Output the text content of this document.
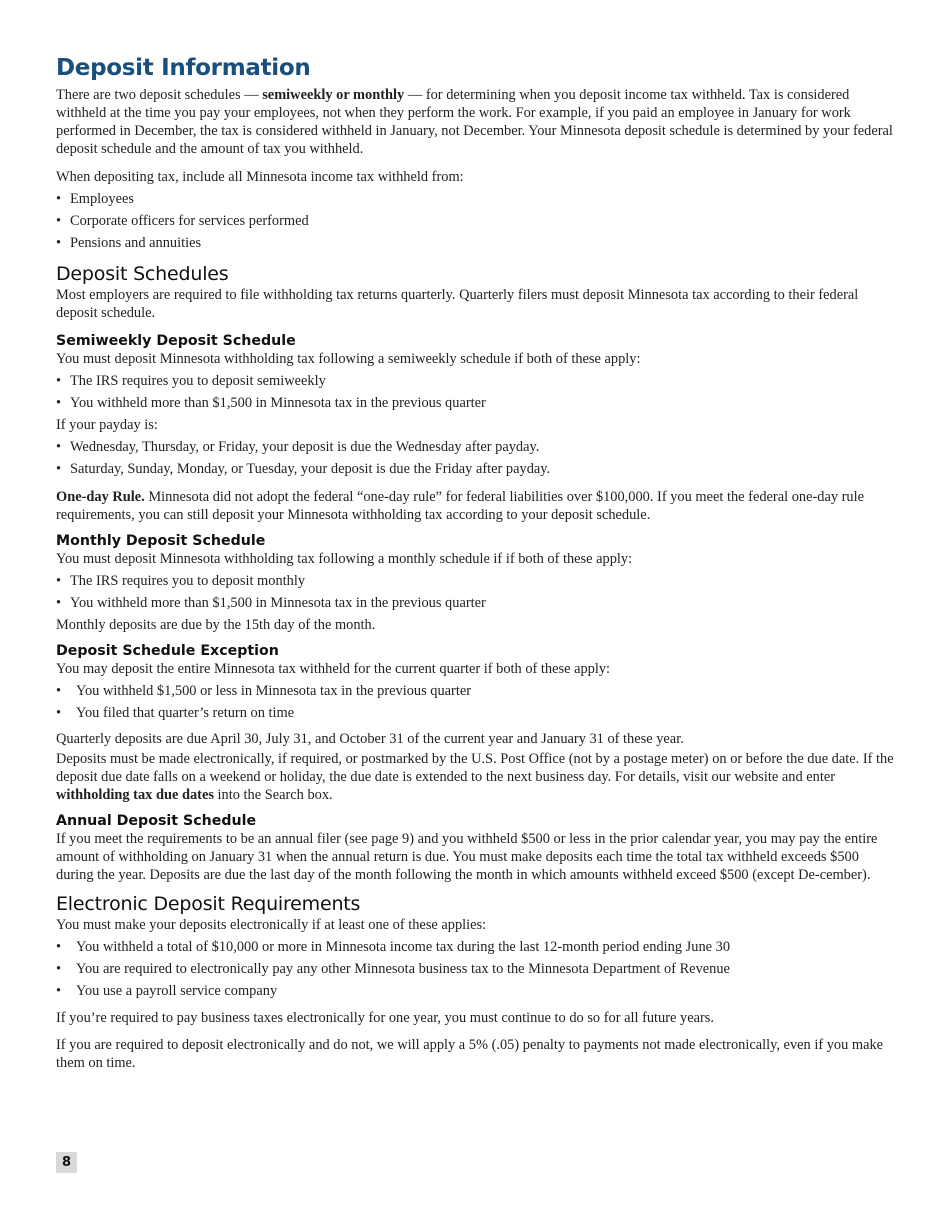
Deposit Information

There are two deposit schedules — semiweekly or monthly — for determining when you deposit income tax withheld. Tax is considered withheld at the time you pay your employees, not when they perform the work. For example, if you paid an employee in January for work performed in December, the tax is considered withheld in January, not December. Your Minnesota deposit schedule is determined by your federal deposit schedule and the amount of tax you withheld.

When depositing tax, include all Minnesota income tax withheld from:

• Employees
• Corporate officers for services performed
• Pensions and annuities
Deposit Schedules

Most employers are required to file withholding tax returns quarterly. Quarterly filers must deposit Minnesota tax according to their federal deposit schedule.

Semiweekly Deposit Schedule

You must deposit Minnesota withholding tax following a semiweekly schedule if both of these apply:

• The IRS requires you to deposit semiweekly
• You withheld more than $1,500 in Minnesota tax in the previous quarter

If your payday is:

• Wednesday, Thursday, or Friday, your deposit is due the Wednesday after payday.
• Saturday, Sunday, Monday, or Tuesday, your deposit is due the Friday after payday.

One-day Rule. Minnesota did not adopt the federal “one-day rule” for federal liabilities over $100,000. If you meet the federal one-day rule requirements, you can still deposit your Minnesota withholding tax according to your deposit schedule.

Monthly Deposit Schedule

You must deposit Minnesota withholding tax following a monthly schedule if if both of these apply:

• The IRS requires you to deposit monthly
• You withheld more than $1,500 in Minnesota tax in the previous quarter

Monthly deposits are due by the 15th day of the month.

Deposit Schedule Exception

You may deposit the entire Minnesota tax withheld for the current quarter if both of these apply:

• You withheld $1,500 or less in Minnesota tax in the previous quarter
• You filed that quarter’s return on time

Quarterly deposits are due April 30, July 31, and October 31 of the current year and January 31 of these year.

Deposits must be made electronically, if required, or postmarked by the U.S. Post Office (not by a postage meter) on or before the due date. If the deposit due date falls on a weekend or holiday, the due date is extended to the next business day. For details, visit our website and enter withholding tax due dates into the Search box.

Annual Deposit Schedule

If you meet the requirements to be an annual filer (see page 9) and you withheld $500 or less in the prior calendar year, you may pay the entire amount of withholding on January 31 when the annual return is due. You must make deposits each time the total tax withheld exceeds $500 during the year. Deposits are due the last day of the month following the month in which amounts withheld exceed $500 (except De-cember).

Electronic Deposit Requirements

You must make your deposits electronically if at least one of these applies:

• You withheld a total of $10,000 or more in Minnesota income tax during the last 12-month period ending June 30
• You are required to electronically pay any other Minnesota business tax to the Minnesota Department of Revenue
• You use a payroll service company

If you’re required to pay business taxes electronically for one year, you must continue to do so for all future years.

If you are required to deposit electronically and do not, we will apply a 5% (.05) penalty to payments not made electronically, even if you make them on time.

8
